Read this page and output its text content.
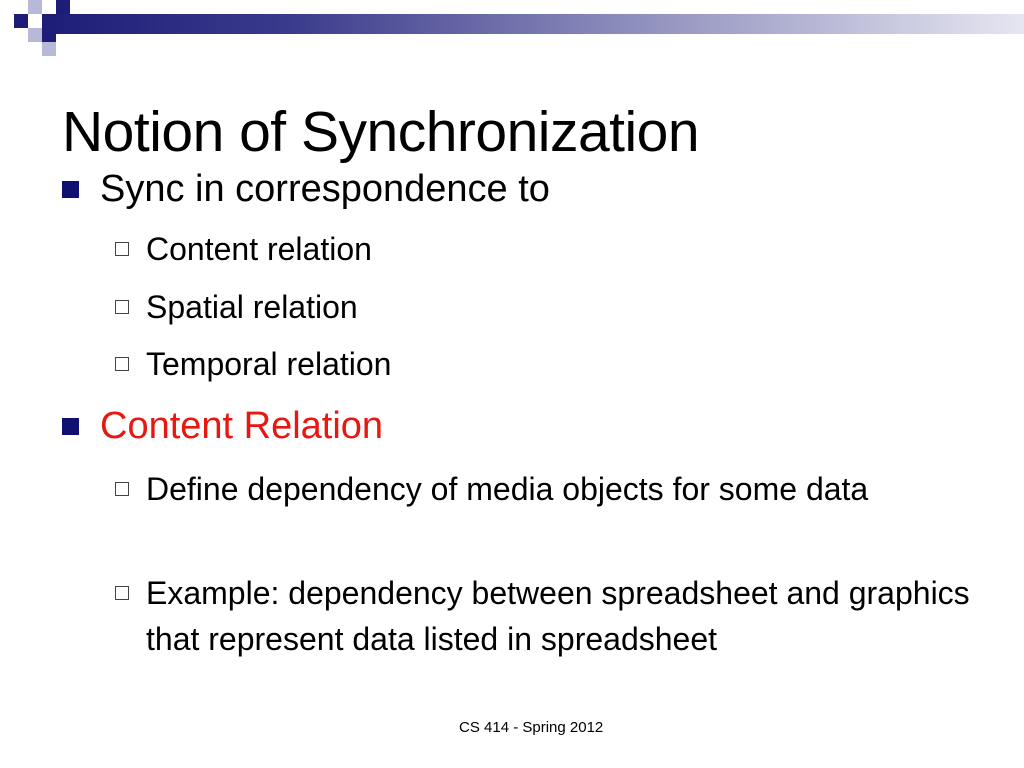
Notion of Synchronization
Sync in correspondence to
Content relation
Spatial relation
Temporal relation
Content Relation
Define dependency of media objects for some data
Example: dependency between spreadsheet and graphics that represent data listed in spreadsheet
CS 414 - Spring 2012
